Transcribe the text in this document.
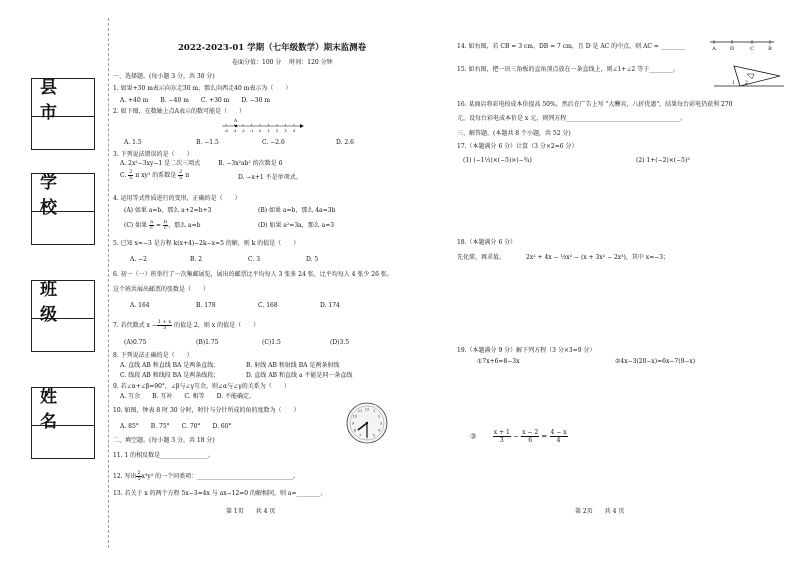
县 市
学 校
班 级
姓 名
2022-2023-01 学期（七年级数学）期末监测卷
卷面分值：100 分　 时间：120 分钟
一、选择题。(每小题 3 分，共 30 分)
1. 如果+30 m表示向东走30 m，那么向西走40 m表示为（　　）
A. +40 m　　B. −40 m　　C. +30 m　　D. −30 m
2. 如下图，在数轴上点A表示的数可能是（　　）
-4 -3 -2 -1 0 1 2 3 4
A
A. 1.5	B. −1.5	C. −2.6	D. 2.6
3. 下列说法错误的是（　　）
A. 2x²−3xy−1 是二次三项式　　　B. −3x²ab² 的次数是 6
C. $\frac{2}{5}$ π xy² 的系数是 $\frac{2}{5}$ π	D. −x+1 不是单项式。
4. 运用等式性质进行的变形，正确的是（　　）
(A) 如果 a=b，那么 a+2=b+3	(B) 如果 a=b，那么 4a=3b
(C) 如果 $\frac{a}{c} = \frac{b}{c}$ ，那么 a=b	(D) 如果 a²=3a，那么 a=3
5. 已知 x=−3 是方程 k(x+4)−2k−x=5 的解，则 k 的值是（　　）
A. −2	B. 2	C. 3	D. 5
6. 初一（一）班举行了一次集邮展览，展出的邮票比平均每人 3 张多 24 张，比平均每人 4 张少 26 张。
这个班共展出邮票的张数是（　　）
A. 164	B. 178	C. 168	D. 174
7. 若代数式 $x - \frac{1 + x}{3}$ 的值是 2，则 x 的值是（　　）
(A)0.75	(B)1.75	(C)1.5	(D)3.5
8. 下列说法正确的是（　　）
A. 直线 AB 和直线 BA 是两条直线；	B. 射线 AB 和射线 BA 是两条射线
C. 线段 AB 和线段 BA 是两条线段；	D. 直线 AB 和直线 a 不能是同一条直线
9. 若∠α+∠β=90°，∠β与∠γ互余，则∠α与∠γ的关系为（　　）
A. 互余　　B. 互补　　C. 相等　　D. 不能确定。
10. 如图，钟表 8 时 30 分时，时针与分针所成的角的度数为（　　）
A. 85°　　B. 75°　　C. 70°　　D. 60°
1
2
3
4
5
6
7
8
9
10
11 12
二、填空题。(每小题 3 分，共 18 分)
11. 1 的相反数是________________。
12. 写出 $\frac{2}{5} x^3y^2$ 的一个同类项：________________________________。
13. 若关于 x 的两个方程 5x−3=4x 与 ax−12=0 的解相同，则 a=________。
第 1页　　共 4 页
14. 如右图，若 CB = 3 cm，DB = 7 cm，且 D 是 AC 的中点，则 AC = ________	A	D	C	B
15. 如右图，把一块三角板的直角顶点放在一条直线上，则∠1+∠2 等于________。
1 2
16. 某商店将彩电按成本价提高 50%，然后在广告上写 "大酬宾，八折优惠"，结果每台彩电仍获利 270
元，设每台彩电成本价是 x 元，则列方程______________________________________。
三、解答题。(本题共 8 个小题，共 52 分)
17.（本题满分 6 分）计算（3 分×2=6 分）
(1) (−1⅓)×(−5)×(−¾)	(2) 1+(−2)×(−5)²
18.（本题满分 6 分）
先化简，再求值。	2x² + 4x − ⅓x² − (x + 3x² − 2x³)，其中 x=−3；
19.（本题满分 9 分）解下列方程（3 分×3=9 分）
①7x+6=8−3x	②4x−3(20−x)=6x−7(9−x)
③	$\frac{x + 1}{3} - \frac{x - 2}{6} = \frac{4 - x}{4}$
第 2页　　共 4 页
